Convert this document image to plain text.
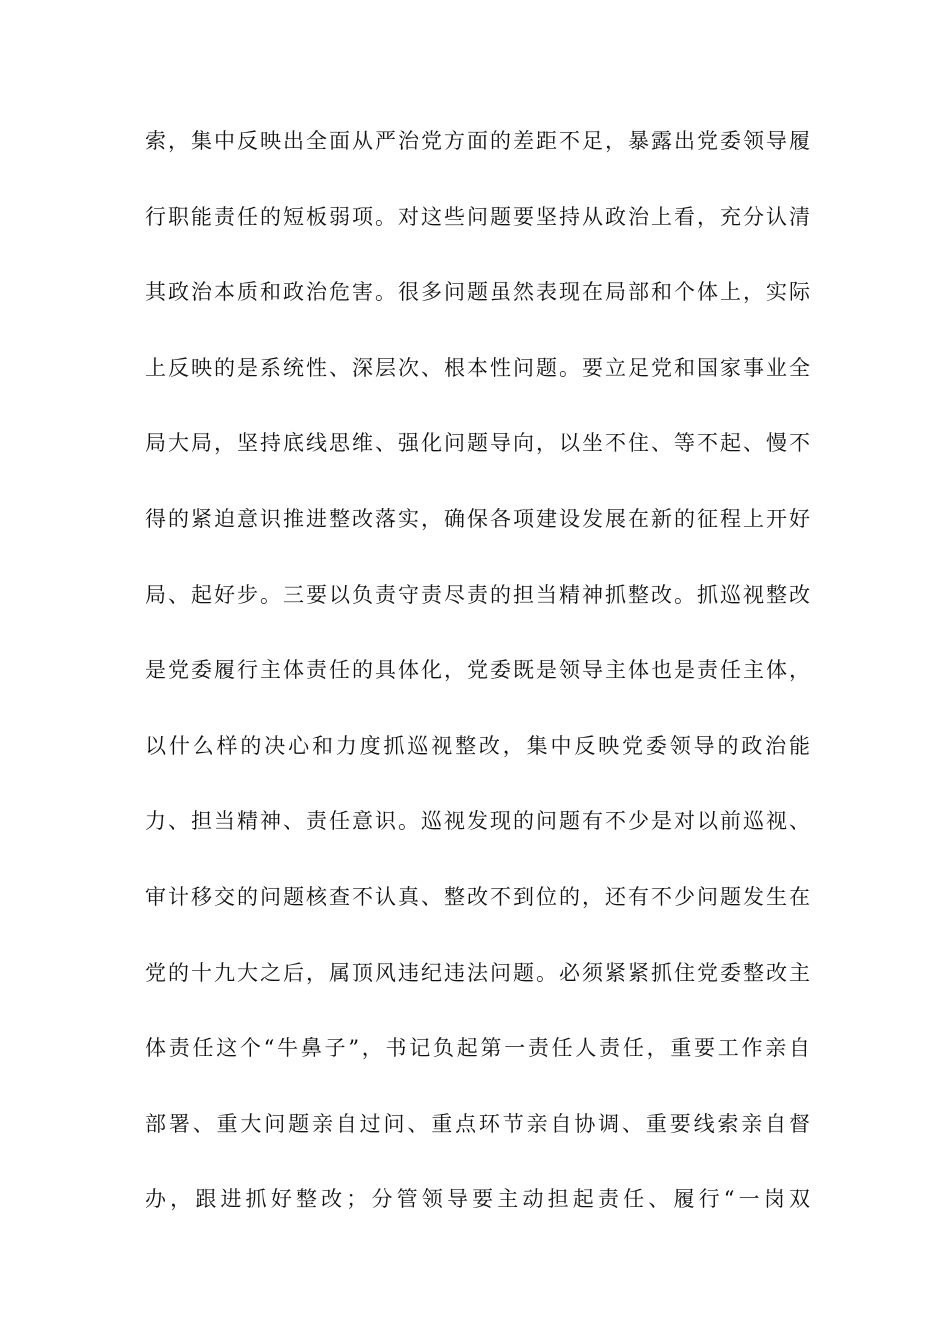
索，集中反映出全面从严治党方面的差距不足，暴露出党委领导履
行职能责任的短板弱项。对这些问题要坚持从政治上看，充分认清
其政治本质和政治危害。很多问题虽然表现在局部和个体上，实际
上反映的是系统性、深层次、根本性问题。要立足党和国家事业全
局大局，坚持底线思维、强化问题导向，以坐不住、等不起、慢不
得的紧迫意识推进整改落实，确保各项建设发展在新的征程上开好
局、起好步。三要以负责守责尽责的担当精神抓整改。抓巡视整改
是党委履行主体责任的具体化，党委既是领导主体也是责任主体，
以什么样的决心和力度抓巡视整改，集中反映党委领导的政治能
力、担当精神、责任意识。巡视发现的问题有不少是对以前巡视、
审计移交的问题核查不认真、整改不到位的，还有不少问题发生在
党的十九大之后，属顶风违纪违法问题。必须紧紧抓住党委整改主
体责任这个“牛鼻子”，书记负起第一责任人责任，重要工作亲自
部署、重大问题亲自过问、重点环节亲自协调、重要线索亲自督
办，跟进抓好整改；分管领导要主动担起责任、履行“一岗双
